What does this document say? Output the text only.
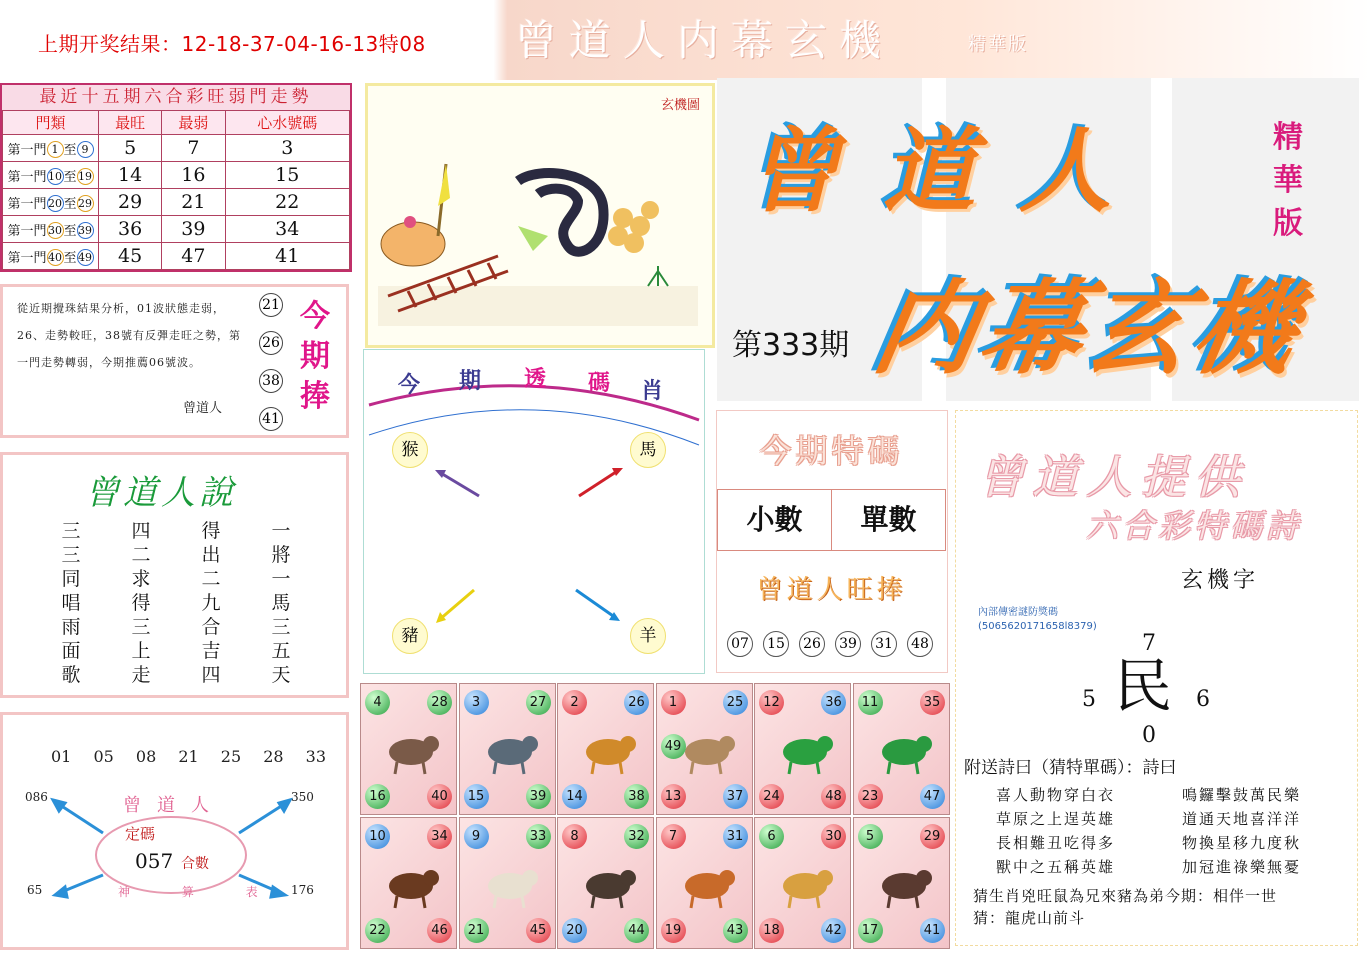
上期开奖结果：12-18-37-04-16-13特08 曾道人内幕玄機	精華版
最近十五期六合彩旺弱門走勢
門類	最旺	最弱	心水號碼
第一門 1 至 9	5	7	3
第一門 10 至 19	14	16	15
第一門 20 至 29	29	21	22
第一門 30 至 39	36	39	34
第一門 40 至 49	45	47	41
從近期攪珠結果分析，01波狀態走弱，26、走勢較旺，38號有反彈走旺之勢，第一門走勢轉弱，今期推薦06號波。
曾道人
21
26
38
41
今期捧
曾道人說
三三同唱雨面歌
四二求得三上走
得出二九合吉四
一將一馬三五天
01 05 08 21 25 28 33
曾道人
定碼
057 合數
神 算 表
086	350
65	176
玄機圖
今 期 透 碼 肖
猴	馬
豬	羊
曾道人
内幕玄機
精華版
第333期
今期特碼
小數	單數
曾道人旺捧
07 15 26 39 31 48
曾道人提供
六合彩特碼詩
玄機字
內部傳密謎防獎碼
(5065620171658l8379)
民
7
5	6
0
附送詩曰（猜特單碼）：詩曰
喜人動物穿白衣
草原之上逞英雄
長相難丑吃得多
獸中之五稱英雄
鳴鑼擊鼓萬民樂
道通天地喜洋洋
物換星移九度秋
加冠進祿樂無憂
猜生肖兇旺鼠為兄來豬為弟今期：相伴一世
猜：龍虎山前斗
4	28
16	40
3	27
15	39
2	26
14	38
1	25
13	37
49
12	36
24	48
11	35
23	47
10	34
22	46
9	33
21	45
8	32
20	44
7	31
19	43
6	30
18	42
5	29
17	41
